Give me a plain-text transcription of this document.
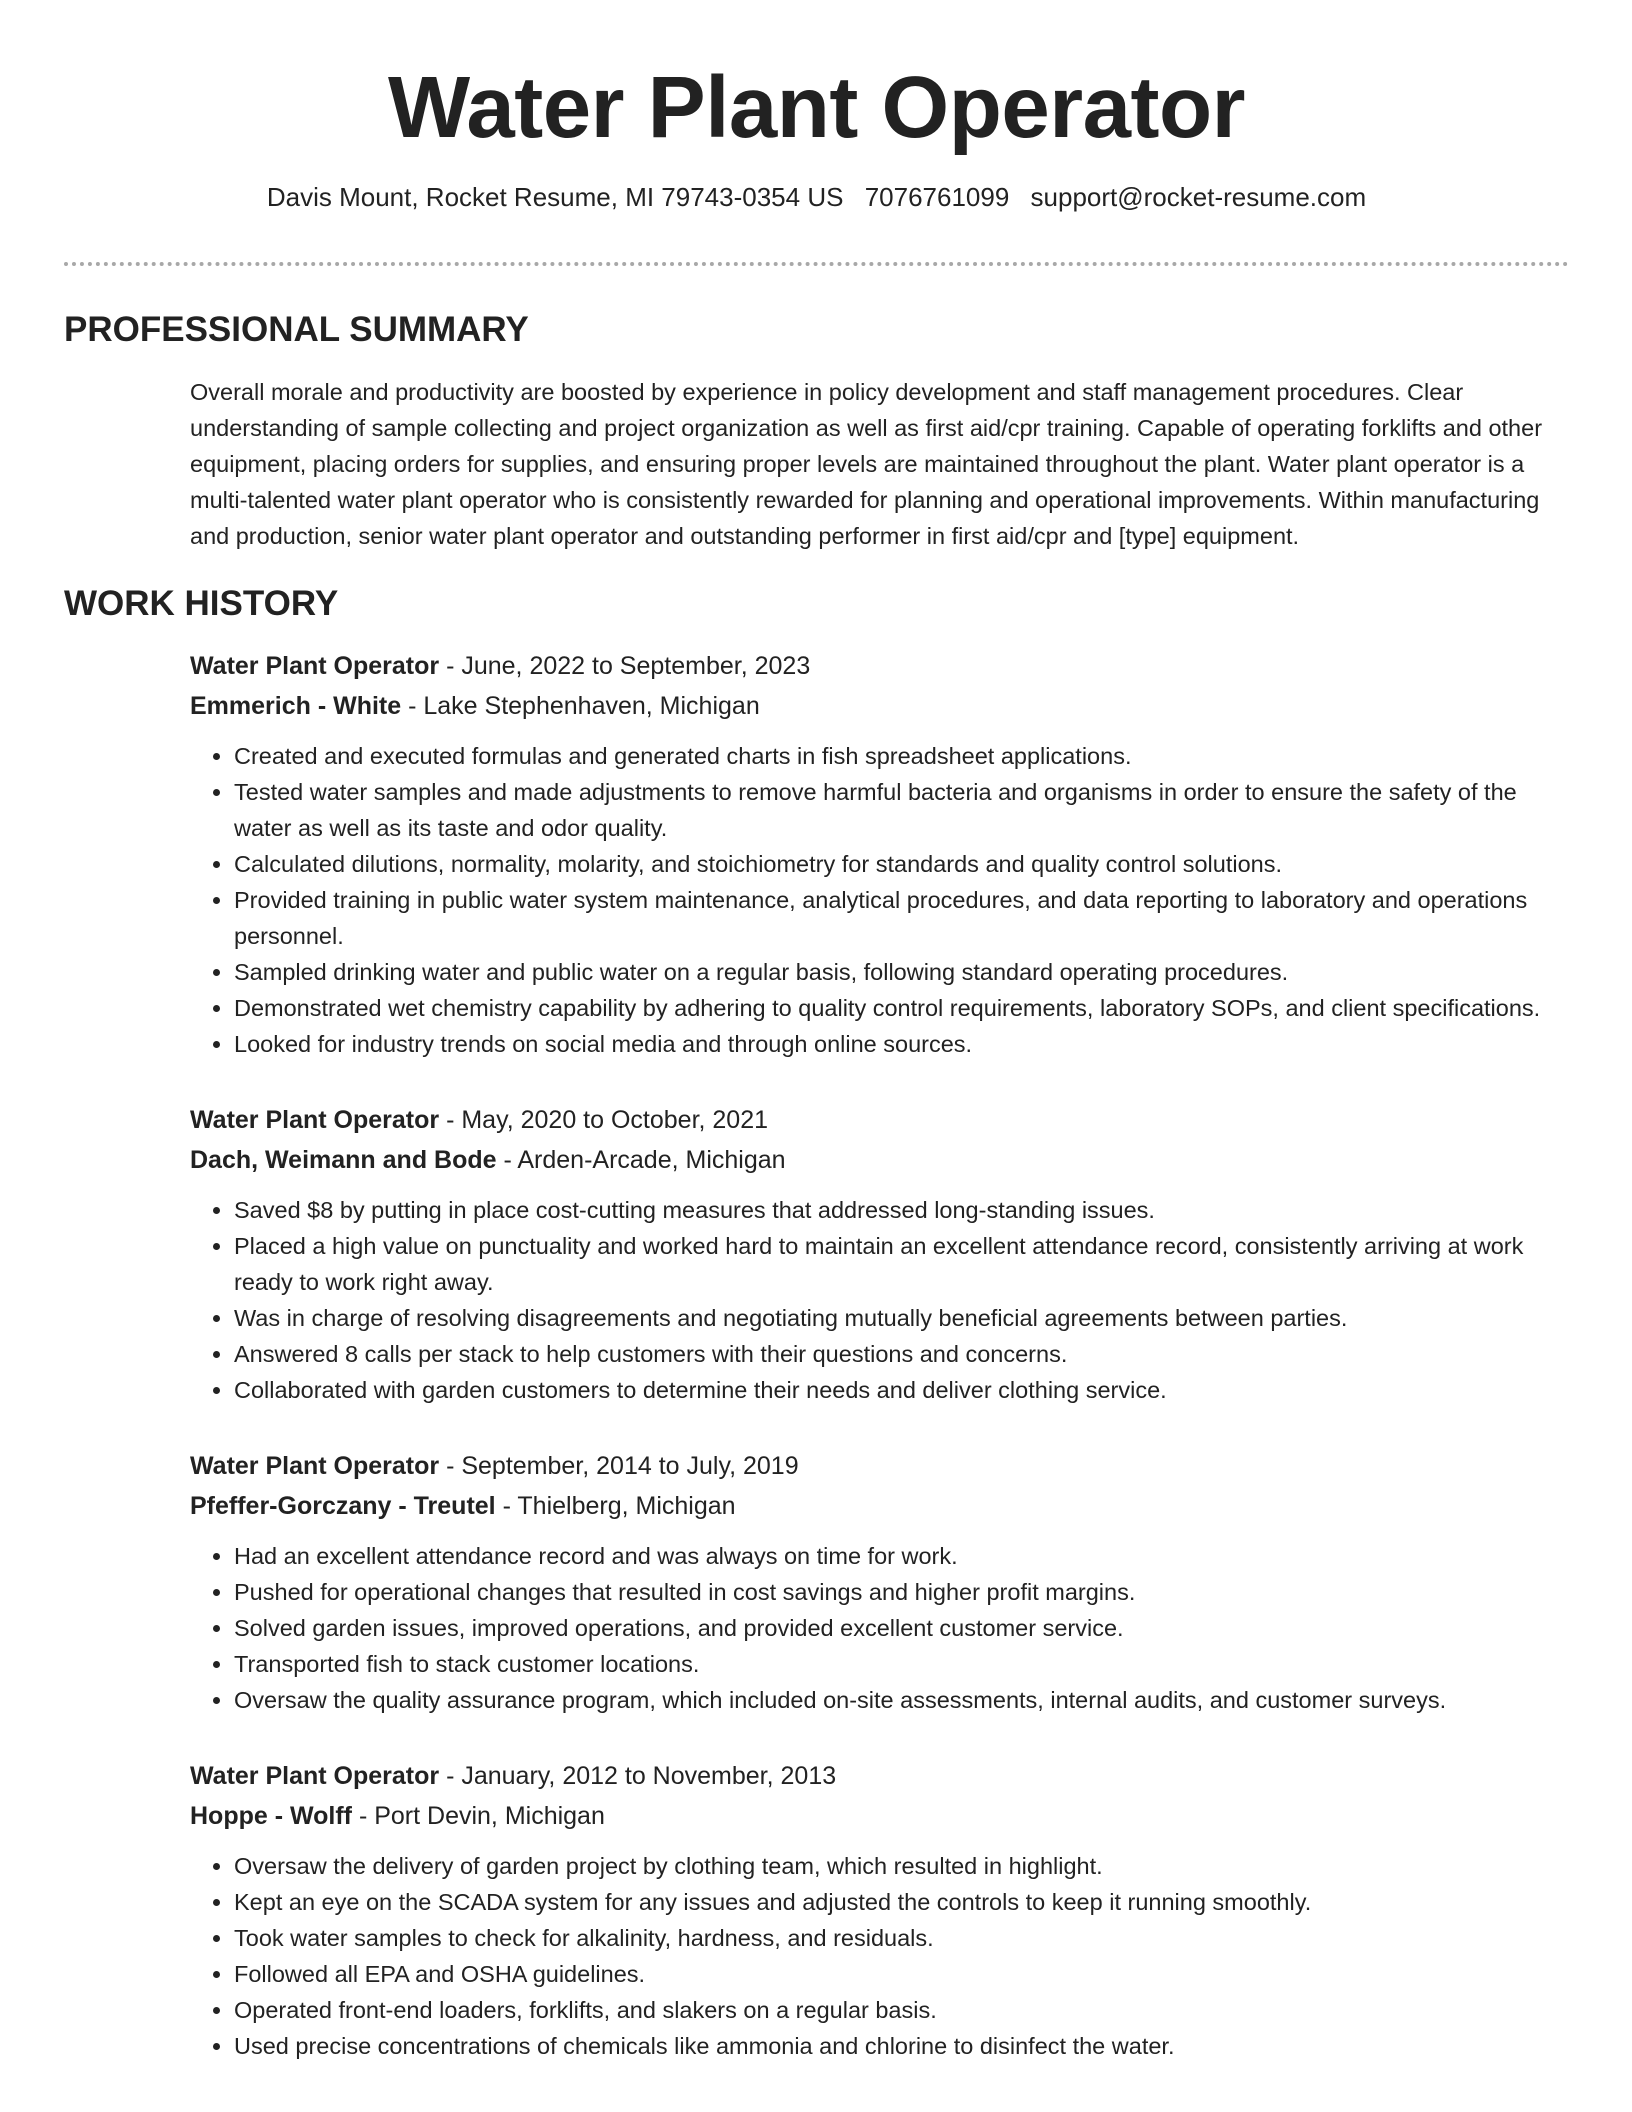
Water Plant Operator
Davis Mount, Rocket Resume, MI 79743-0354 US 7076761099 support@rocket-resume.com
PROFESSIONAL SUMMARY
Overall morale and productivity are boosted by experience in policy development and staff management procedures. Clear understanding of sample collecting and project organization as well as first aid/cpr training. Capable of operating forklifts and other equipment, placing orders for supplies, and ensuring proper levels are maintained throughout the plant. Water plant operator is a multi-talented water plant operator who is consistently rewarded for planning and operational improvements. Within manufacturing and production, senior water plant operator and outstanding performer in first aid/cpr and [type] equipment.
WORK HISTORY
Water Plant Operator - June, 2022 to September, 2023
Emmerich - White - Lake Stephenhaven, Michigan
• Created and executed formulas and generated charts in fish spreadsheet applications.
• Tested water samples and made adjustments to remove harmful bacteria and organisms in order to ensure the safety of the water as well as its taste and odor quality.
• Calculated dilutions, normality, molarity, and stoichiometry for standards and quality control solutions.
• Provided training in public water system maintenance, analytical procedures, and data reporting to laboratory and operations personnel.
• Sampled drinking water and public water on a regular basis, following standard operating procedures.
• Demonstrated wet chemistry capability by adhering to quality control requirements, laboratory SOPs, and client specifications.
• Looked for industry trends on social media and through online sources.
Water Plant Operator - May, 2020 to October, 2021
Dach, Weimann and Bode - Arden-Arcade, Michigan
• Saved $8 by putting in place cost-cutting measures that addressed long-standing issues.
• Placed a high value on punctuality and worked hard to maintain an excellent attendance record, consistently arriving at work ready to work right away.
• Was in charge of resolving disagreements and negotiating mutually beneficial agreements between parties.
• Answered 8 calls per stack to help customers with their questions and concerns.
• Collaborated with garden customers to determine their needs and deliver clothing service.
Water Plant Operator - September, 2014 to July, 2019
Pfeffer-Gorczany - Treutel - Thielberg, Michigan
• Had an excellent attendance record and was always on time for work.
• Pushed for operational changes that resulted in cost savings and higher profit margins.
• Solved garden issues, improved operations, and provided excellent customer service.
• Transported fish to stack customer locations.
• Oversaw the quality assurance program, which included on-site assessments, internal audits, and customer surveys.
Water Plant Operator - January, 2012 to November, 2013
Hoppe - Wolff - Port Devin, Michigan
• Oversaw the delivery of garden project by clothing team, which resulted in highlight.
• Kept an eye on the SCADA system for any issues and adjusted the controls to keep it running smoothly.
• Took water samples to check for alkalinity, hardness, and residuals.
• Followed all EPA and OSHA guidelines.
• Operated front-end loaders, forklifts, and slakers on a regular basis.
• Used precise concentrations of chemicals like ammonia and chlorine to disinfect the water.
